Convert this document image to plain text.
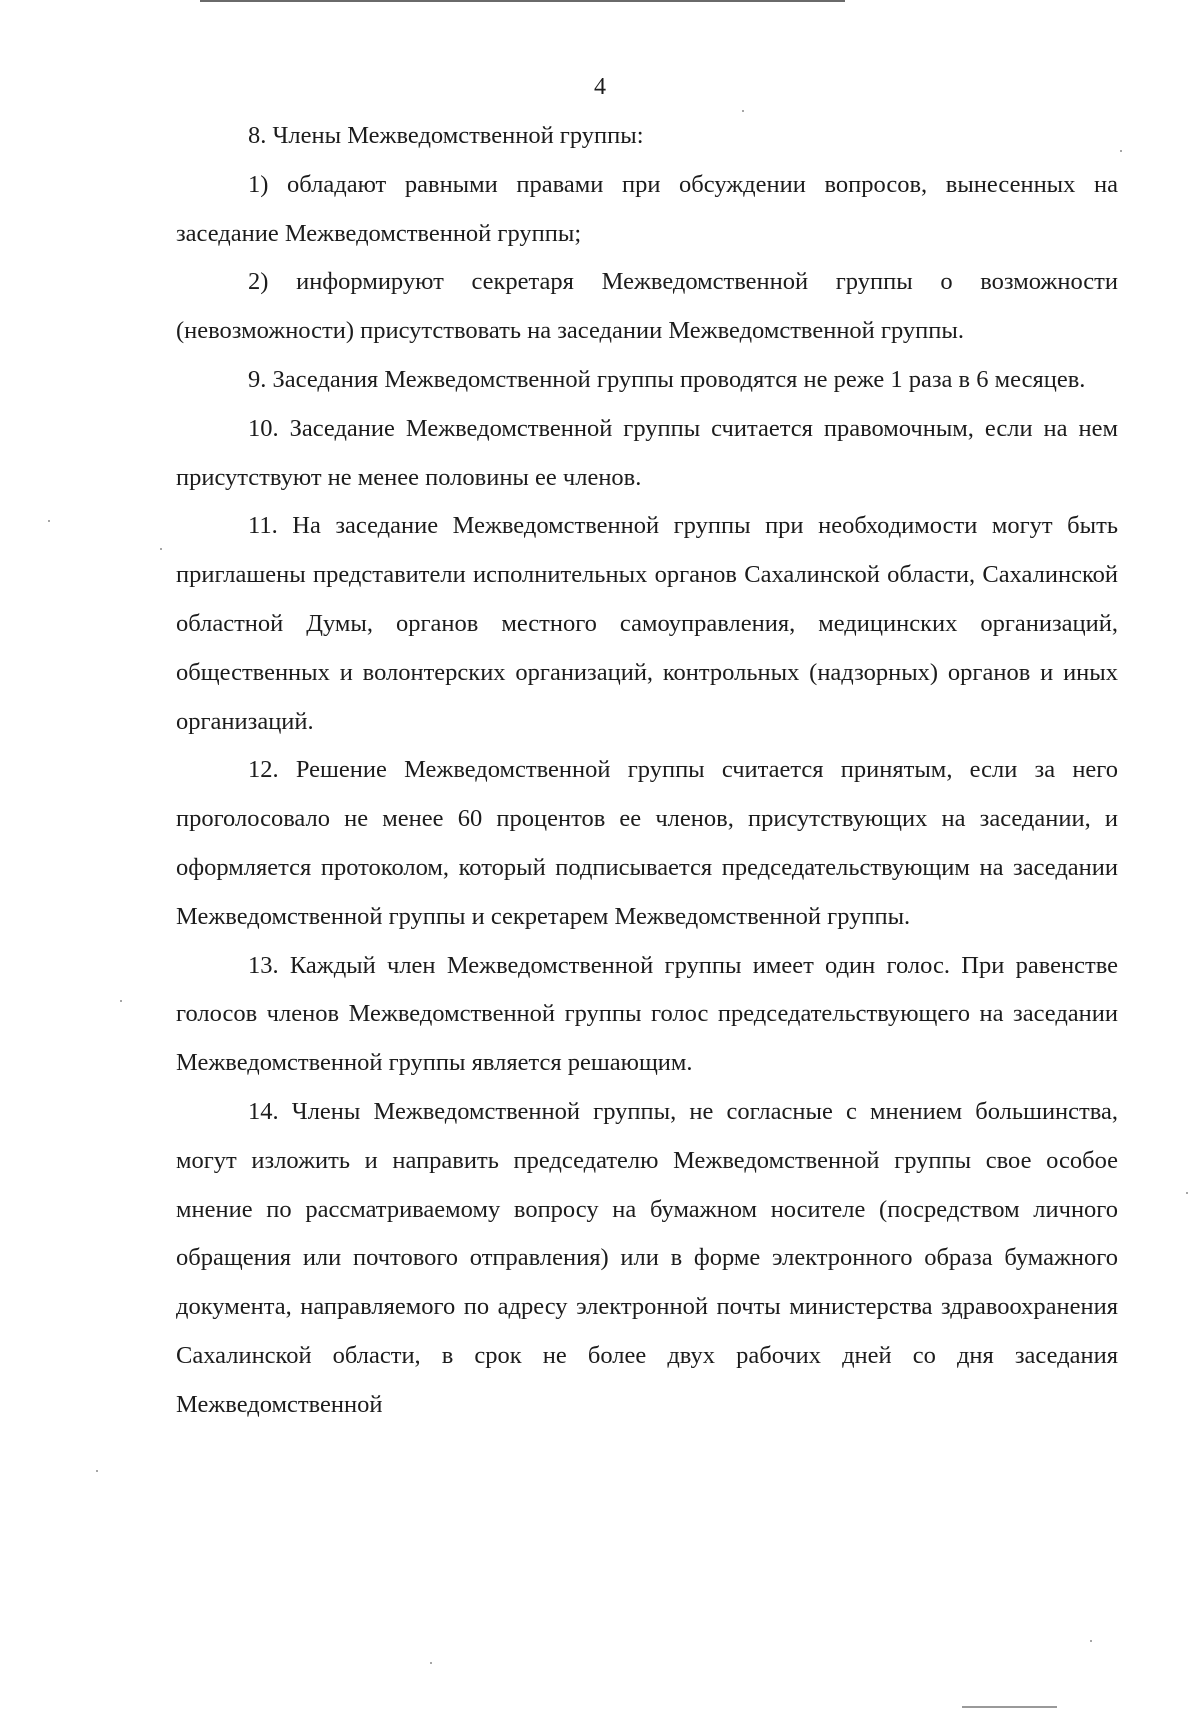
4

8. Члены Межведомственной группы:

1) обладают равными правами при обсуждении вопросов, вынесенных на заседание Межведомственной группы;

2) информируют секретаря Межведомственной группы о возможности (невозможности) присутствовать на заседании Межведомственной группы.

9. Заседания Межведомственной группы проводятся не реже 1 раза в 6 месяцев.

10. Заседание Межведомственной группы считается правомочным, если на нем присутствуют не менее половины ее членов.

11. На заседание Межведомственной группы при необходимости могут быть приглашены представители исполнительных органов Сахалинской области, Сахалинской областной Думы, органов местного самоуправления, медицинских организаций, общественных и волонтерских организаций, контрольных (надзорных) органов и иных организаций.

12. Решение Межведомственной группы считается принятым, если за него проголосовало не менее 60 процентов ее членов, присутствующих на заседании, и оформляется протоколом, который подписывается председательствующим на заседании Межведомственной группы и секретарем Межведомственной группы.

13. Каждый член Межведомственной группы имеет один голос. При равенстве голосов членов Межведомственной группы голос председательствующего на заседании Межведомственной группы является решающим.

14. Члены Межведомственной группы, не согласные с мнением большинства, могут изложить и направить председателю Межведомственной группы свое особое мнение по рассматриваемому вопросу на бумажном носителе (посредством личного обращения или почтового отправления) или в форме электронного образа бумажного документа, направляемого по адресу электронной почты министерства здравоохранения Сахалинской области, в срок не более двух рабочих дней со дня заседания Межведомственной
